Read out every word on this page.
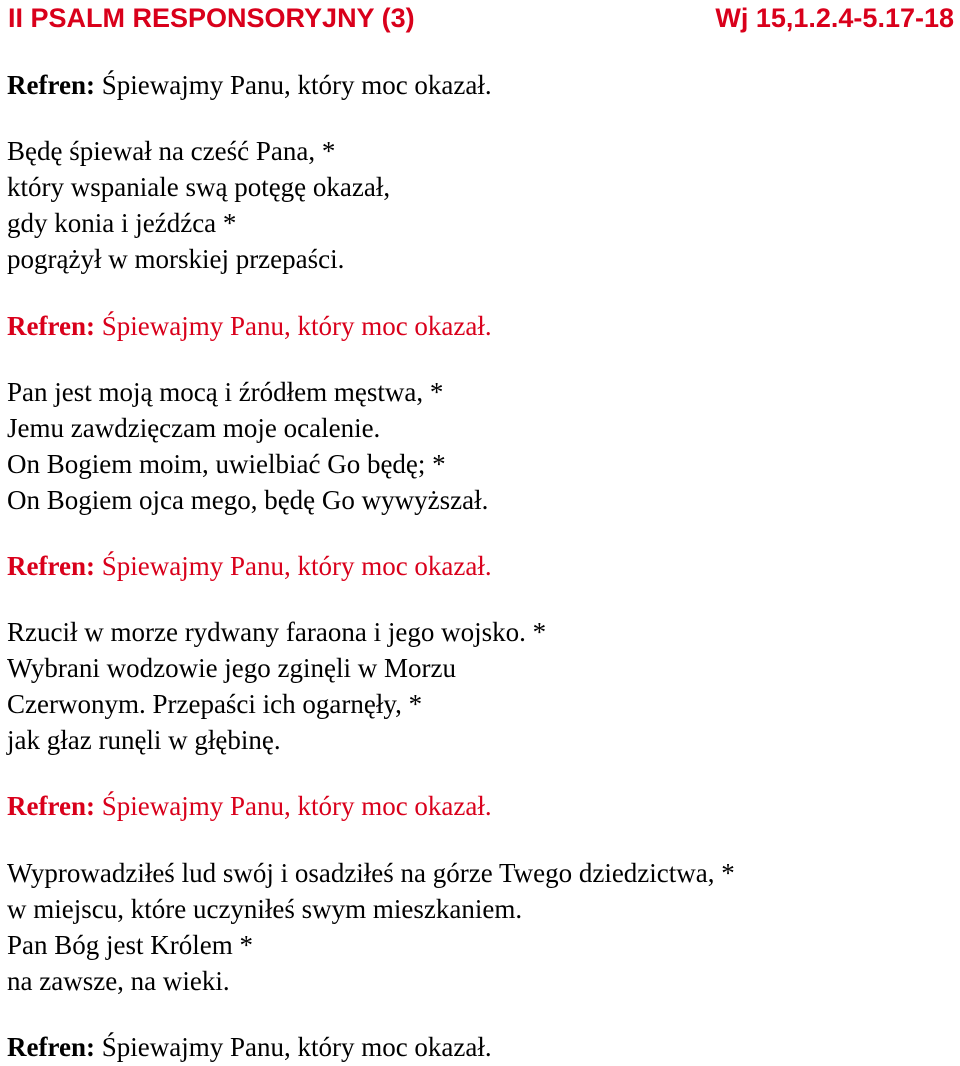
II PSALM RESPONSORYJNY (3)	Wj 15,1.2.4-5.17-18
Refren: Śpiewajmy Panu, który moc okazał.
Będę śpiewał na cześć Pana, *
który wspaniale swą potęgę okazał,
gdy konia i jeźdźca *
pogrążył w morskiej przepaści.
Refren: Śpiewajmy Panu, który moc okazał.
Pan jest moją mocą i źródłem męstwa, *
Jemu zawdzięczam moje ocalenie.
On Bogiem moim, uwielbiać Go będę; *
On Bogiem ojca mego, będę Go wywyższał.
Refren: Śpiewajmy Panu, który moc okazał.
Rzucił w morze rydwany faraona i jego wojsko. *
Wybrani wodzowie jego zginęli w Morzu
Czerwonym. Przepaści ich ogarnęły, *
jak głaz runęli w głębinę.
Refren: Śpiewajmy Panu, który moc okazał.
Wyprowadziłeś lud swój i osadziłeś na górze Twego dziedzictwa, *
w miejscu, które uczyniłeś swym mieszkaniem.
Pan Bóg jest Królem *
na zawsze, na wieki.
Refren: Śpiewajmy Panu, który moc okazał.
